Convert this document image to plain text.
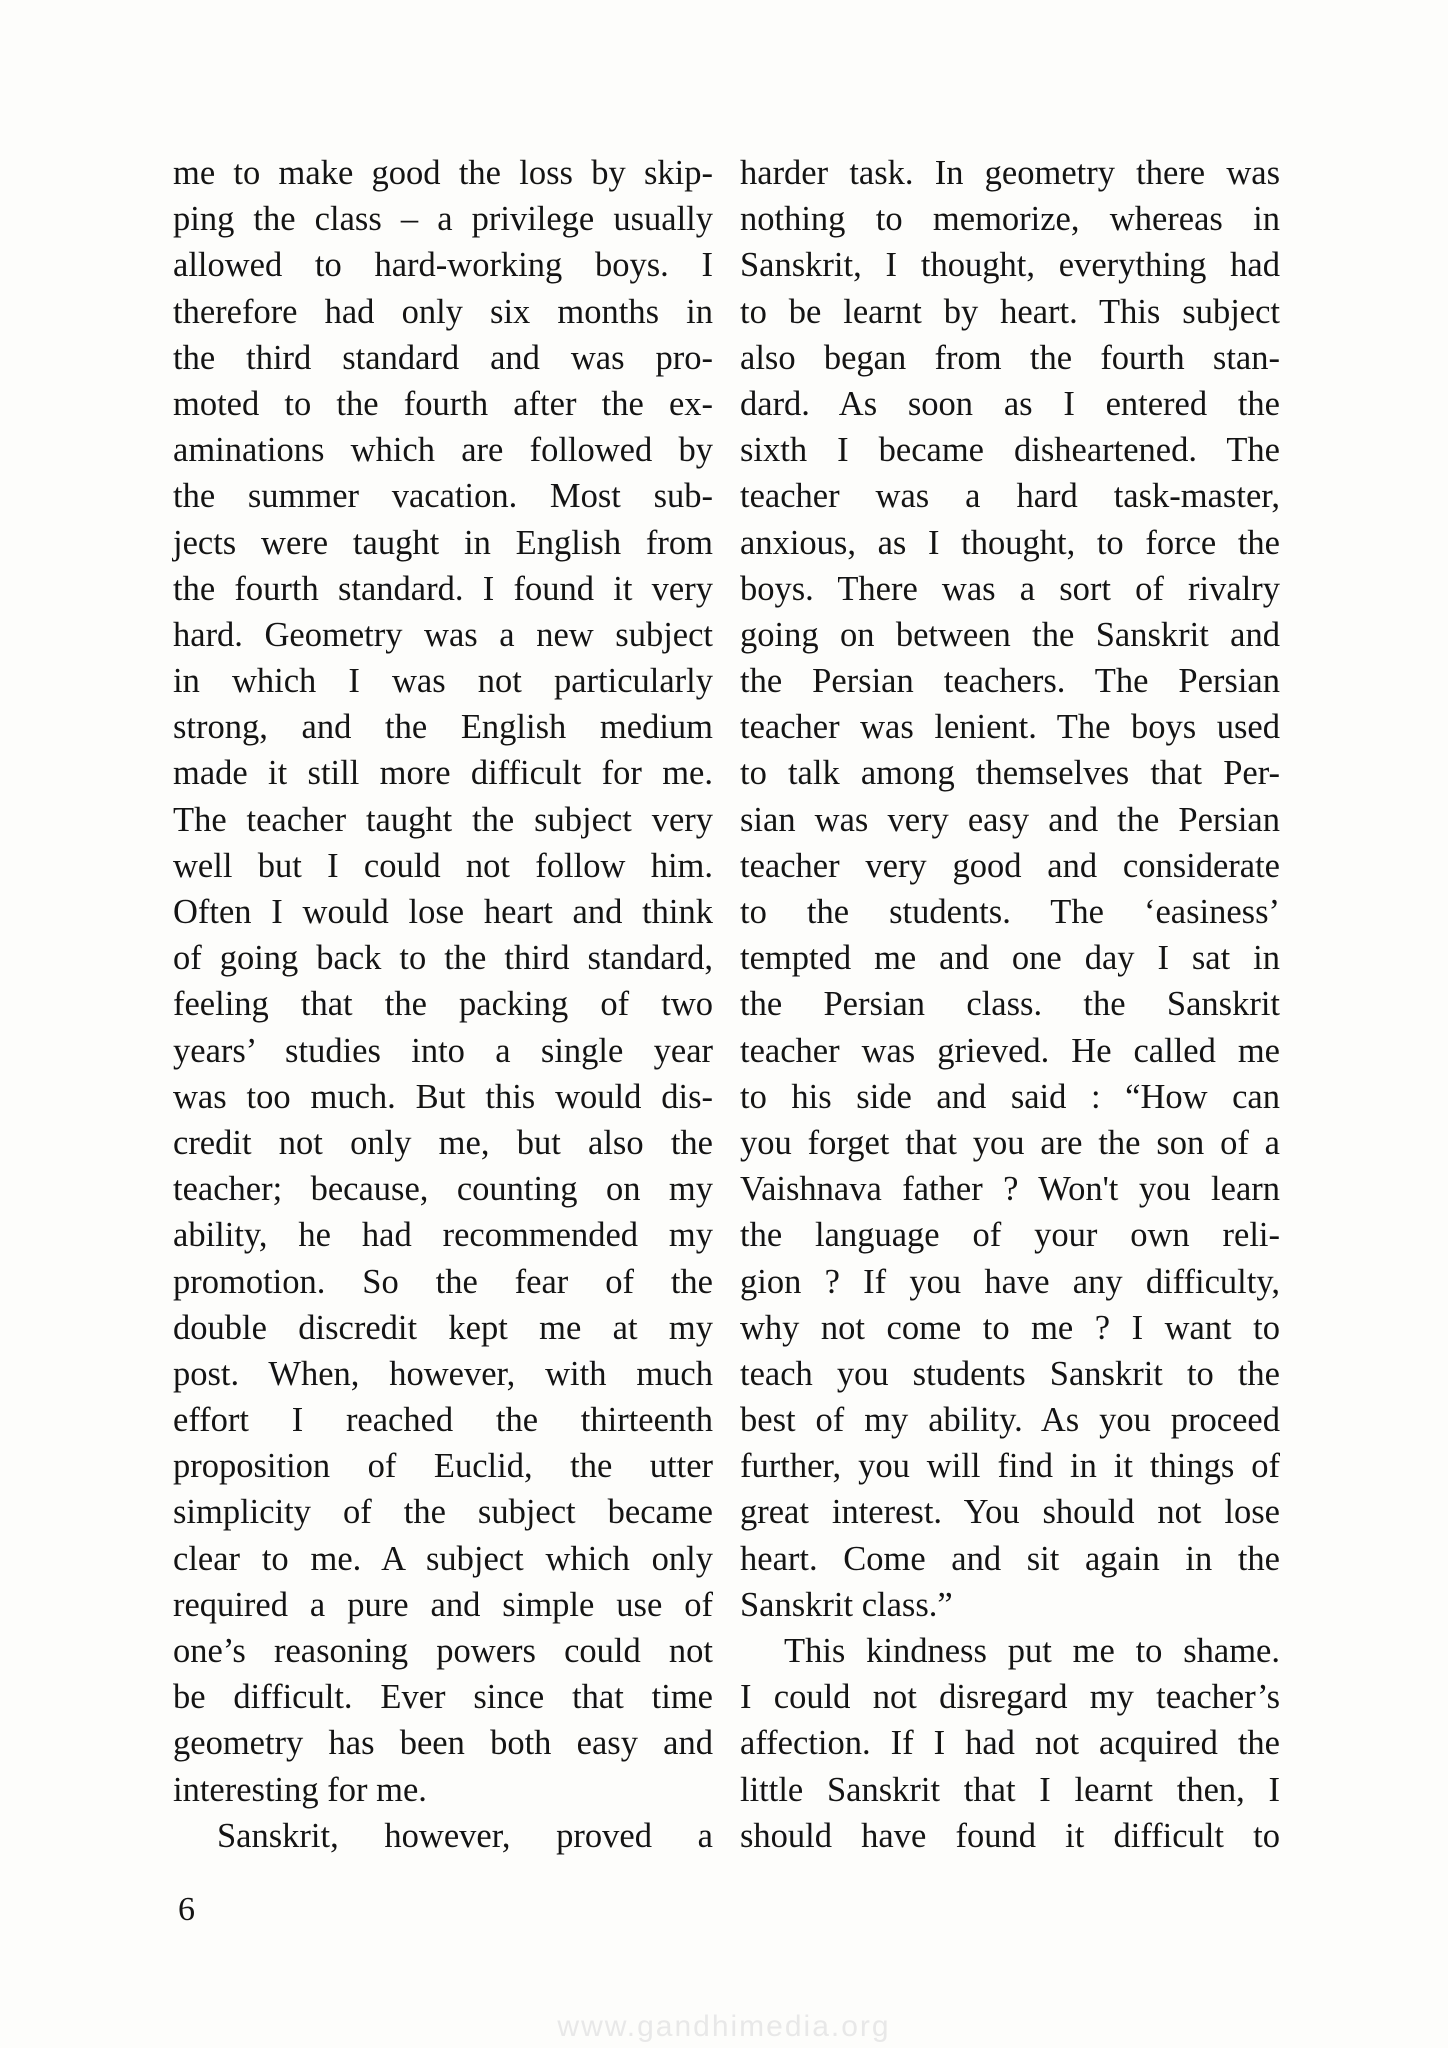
me to make good the loss by skip-
ping the class – a privilege usually
allowed to hard-working boys. I
therefore had only six months in
the third standard and was pro-
moted to the fourth after the ex-
aminations which are followed by
the summer vacation. Most sub-
jects were taught in English from
the fourth standard. I found it very
hard. Geometry was a new subject
in which I was not particularly
strong, and the English medium
made it still more difficult for me.
The teacher taught the subject very
well but I could not follow him.
Often I would lose heart and think
of going back to the third standard,
feeling that the packing of two
years’ studies into a single year
was too much. But this would dis-
credit not only me, but also the
teacher; because, counting on my
ability, he had recommended my
promotion. So the fear of the
double discredit kept me at my
post. When, however, with much
effort I reached the thirteenth
proposition of Euclid, the utter
simplicity of the subject became
clear to me. A subject which only
required a pure and simple use of
one’s reasoning powers could not
be difficult. Ever since that time
geometry has been both easy and
interesting for me.
Sanskrit, however, proved a
harder task. In geometry there was
nothing to memorize, whereas in
Sanskrit, I thought, everything had
to be learnt by heart. This subject
also began from the fourth stan-
dard. As soon as I entered the
sixth I became disheartened. The
teacher was a hard task-master,
anxious, as I thought, to force the
boys. There was a sort of rivalry
going on between the Sanskrit and
the Persian teachers. The Persian
teacher was lenient. The boys used
to talk among themselves that Per-
sian was very easy and the Persian
teacher very good and considerate
to the students. The ‘easiness’
tempted me and one day I sat in
the Persian class. the Sanskrit
teacher was grieved. He called me
to his side and said : “How can
you forget that you are the son of a
Vaishnava father ? Won't you learn
the language of your own reli-
gion ? If you have any difficulty,
why not come to me ? I want to
teach you students Sanskrit to the
best of my ability. As you proceed
further, you will find in it things of
great interest. You should not lose
heart. Come and sit again in the
Sanskrit class.”
This kindness put me to shame.
I could not disregard my teacher’s
affection. If I had not acquired the
little Sanskrit that I learnt then, I
should have found it difficult to
6
www.gandhimedia.org
